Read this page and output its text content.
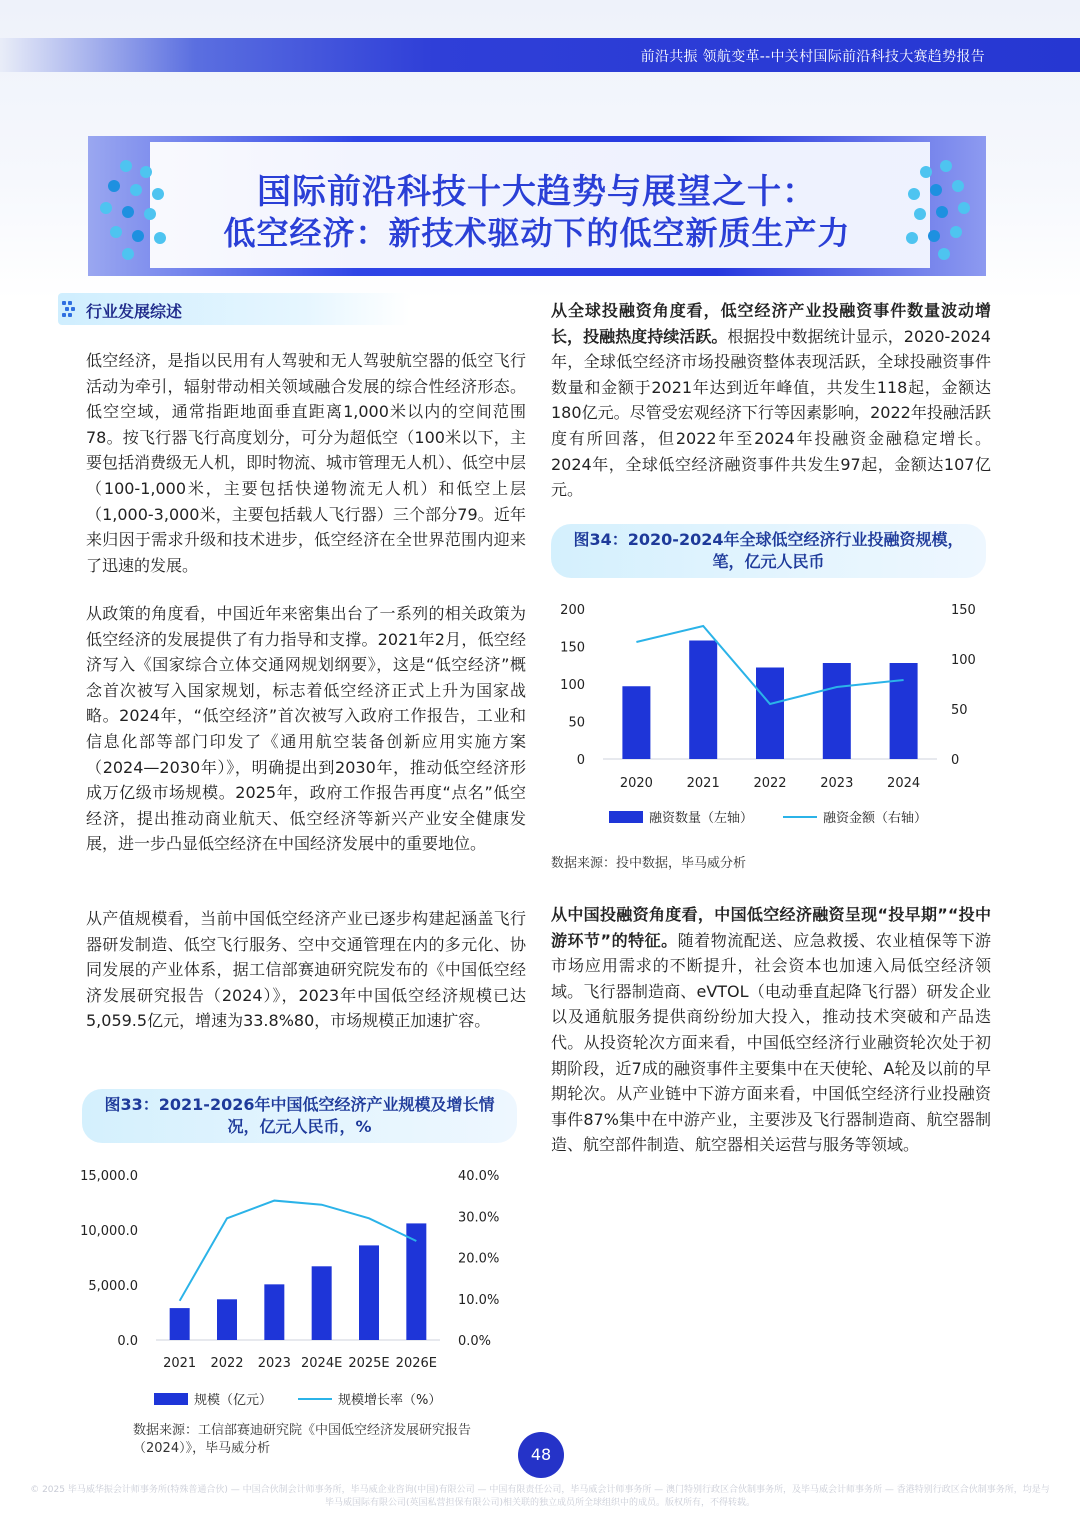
前沿共振 领航变革--中关村国际前沿科技大赛趋势报告
国际前沿科技十大趋势与展望之十：
低空经济：新技术驱动下的低空新质生产力
行业发展综述
低空经济，是指以民用有人驾驶和无人驾驶航空器的低空飞行活动为牵引，辐射带动相关领域融合发展的综合性经济形态。低空空域，通常指距地面垂直距离1,000米以内的空间范围78。按飞行器飞行高度划分，可分为超低空（100米以下，主要包括消费级无人机，即时物流、城市管理无人机）、低空中层（100-1,000米，主要包括快递物流无人机）和低空上层（1,000-3,000米，主要包括载人飞行器）三个部分79。近年来归因于需求升级和技术进步，低空经济在全世界范围内迎来了迅速的发展。
从政策的角度看，中国近年来密集出台了一系列的相关政策为低空经济的发展提供了有力指导和支撑。2021年2月，低空经济写入《国家综合立体交通网规划纲要》，这是“低空经济”概念首次被写入国家规划，标志着低空经济正式上升为国家战略。2024年，“低空经济”首次被写入政府工作报告，工业和信息化部等部门印发了《通用航空装备创新应用实施方案（2024—2030年）》，明确提出到2030年，推动低空经济形成万亿级市场规模。2025年，政府工作报告再度“点名”低空经济，提出推动商业航天、低空经济等新兴产业安全健康发展，进一步凸显低空经济在中国经济发展中的重要地位。
从产值规模看，当前中国低空经济产业已逐步构建起涵盖飞行器研发制造、低空飞行服务、空中交通管理在内的多元化、协同发展的产业体系，据工信部赛迪研究院发布的《中国低空经济发展研究报告（2024）》，2023年中国低空经济规模已达5,059.5亿元，增速为33.8%80，市场规模正加速扩容。
从全球投融资角度看，低空经济产业投融资事件数量波动增长，投融热度持续活跃。根据投中数据统计显示，2020-2024年，全球低空经济市场投融资整体表现活跃，全球投融资事件数量和金额于2021年达到近年峰值，共发生118起，金额达180亿元。尽管受宏观经济下行等因素影响，2022年投融活跃度有所回落，但2022年至2024年投融资金融稳定增长。2024年，全球低空经济融资事件共发生97起，金额达107亿元。
图34：2020-2024年全球低空经济行业投融资规模，笔，亿元人民币
200
150
100
50
0
150
100
50
0
2020	2021	2022	2023	2024
融资数量（左轴）	融资金额（右轴）
数据来源：投中数据，毕马威分析
从中国投融资角度看，中国低空经济融资呈现“投早期”“投中游环节”的特征。随着物流配送、应急救援、农业植保等下游市场应用需求的不断提升，社会资本也加速入局低空经济领域。飞行器制造商、eVTOL（电动垂直起降飞行器）研发企业以及通航服务提供商纷纷加大投入，推动技术突破和产品迭代。从投资轮次方面来看，中国低空经济行业融资轮次处于初期阶段，近7成的融资事件主要集中在天使轮、A轮及以前的早期轮次。从产业链中下游方面来看，中国低空经济行业投融资事件87%集中在中游产业，主要涉及飞行器制造商、航空器制造、航空部件制造、航空器相关运营与服务等领域。
图33：2021-2026年中国低空经济产业规模及增长情况，亿元人民币，%
15,000.0
10,000.0
5,000.0
0.0
40.0%
30.0%
20.0%
10.0%
0.0%
2021 2022 2023 2024E 2025E 2026E
规模（亿元）	规模增长率（%）
数据来源：工信部赛迪研究院《中国低空经济发展研究报告（2024）》，毕马威分析	48
© 2025 毕马威华振会计师事务所(特殊普通合伙) — 中国合伙制会计师事务所，毕马威企业咨询(中国)有限公司 — 中国有限责任公司，毕马威会计师事务所 — 澳门特别行政区合伙制事务所，及毕马威会计师事务所 — 香港特别行政区合伙制事务所，均是与毕马威国际有限公司(英国私营担保有限公司)相关联的独立成员所全球组织中的成员。版权所有，不得转载。
